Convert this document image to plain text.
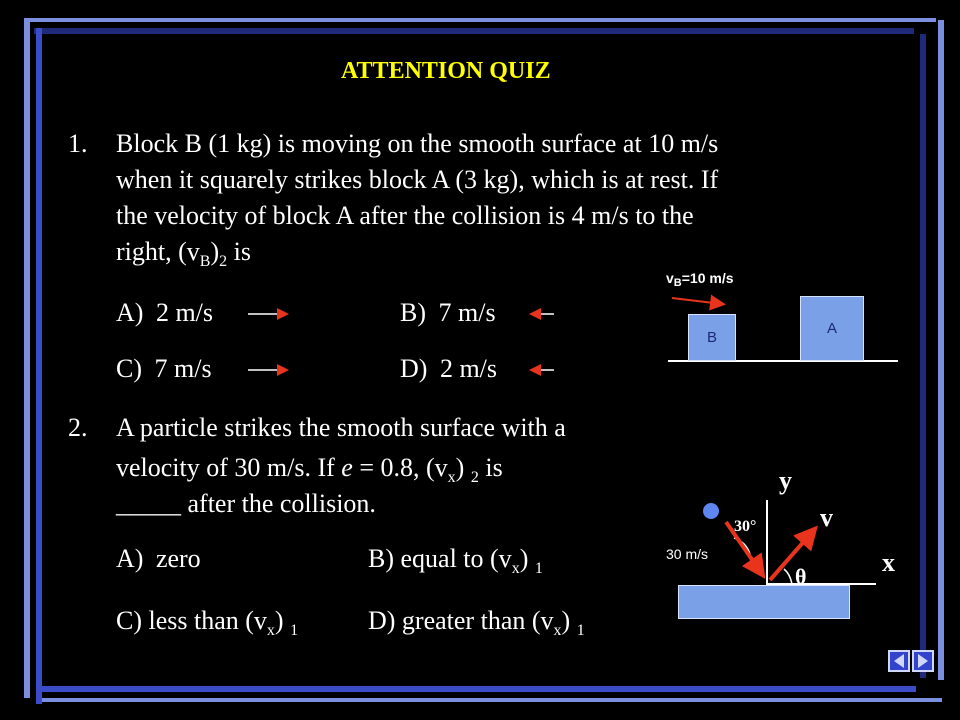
ATTENTION QUIZ
1. Block B (1 kg) is moving on the smooth surface at 10 m/s
when it squarely strikes block A (3 kg), which is at rest. If
the velocity of block A after the collision is 4 m/s to the
right, $(v_B)_2$ is
A) 2 m/s	B) 7 m/s
C) 7 m/s	D) 2 m/s
$v_B=10$ m/s
B
A
2. A particle strikes the smooth surface with a
velocity of 30 m/s. If e = 0.8, $(v_x)$ $_2$ is
_____ after the collision.
A) zero	B) equal to $(v_x)$ $_1$
C) less than $(v_x)$ $_1$	D) greater than $(v_x)$ $_1$
y
x
v
30°
30 m/s
θ
